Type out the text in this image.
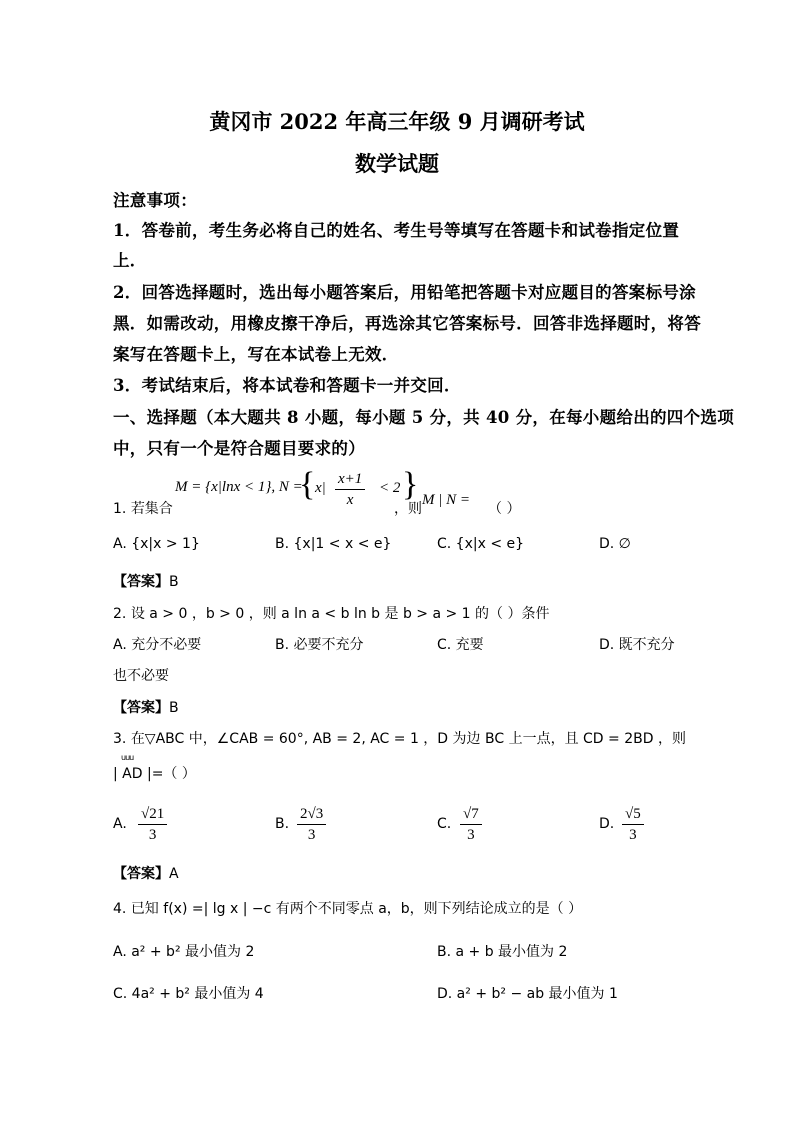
黄冈市 2022 年高三年级 9 月调研考试
数学试题
注意事项：
1．答卷前，考生务必将自己的姓名、考生号等填写在答题卡和试卷指定位置
上．
2．回答选择题时，选出每小题答案后，用铅笔把答题卡对应题目的答案标号涂
黑．如需改动，用橡皮擦干净后，再选涂其它答案标号．回答非选择题时，将答
案写在答题卡上，写在本试卷上无效．
3．考试结束后，将本试卷和答题卡一并交回．
一、选择题（本大题共 8 小题，每小题 5 分，共 40 分，在每小题给出的四个选项
中，只有一个是符合题目要求的）
1. 若集合
M = {x|lnx < 1}, N =
{ $x| \frac{x+1}{x} < 2$ }
，则
M | N =
（ ）
A. {x|x > 1}	B. {x|1 < x < e}	C. {x|x < e}	D. ∅
【答案】B
2. 设 a > 0 ，b > 0 ，则 a ln a < b ln b 是 b > a > 1 的（ ）条件
A. 充分不必要	B. 必要不充分	C. 充要	D. 既不充分
也不必要
【答案】B
3. 在▽ABC 中，∠CAB = 60°, AB = 2, AC = 1 ，D 为边 BC 上一点，且 CD = 2BD ，则
uuu
| AD |=（ ）
A. $\frac{√21}{3}$	B. $\frac{2√3}{3}$	C. $\frac{√7}{3}$	D. $\frac{√5}{3}$
【答案】A
4. 已知 f(x) =| lg x | −c 有两个不同零点 a，b，则下列结论成立的是（ ）
A. a² + b² 最小值为 2	B. a + b 最小值为 2
C. 4a² + b² 最小值为 4	D. a² + b² − ab 最小值为 1
